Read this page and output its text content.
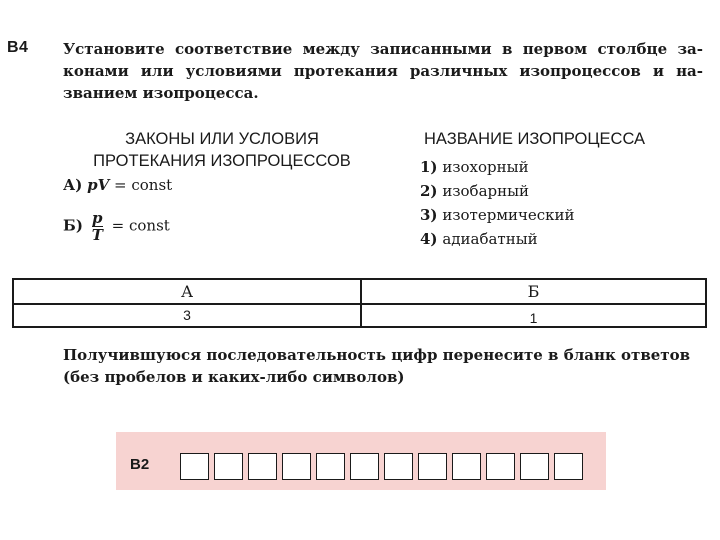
В4 Установите соответствие между записанными в первом столбце за-
конами или условиями протекания различных изопроцессов и на-
званием изопроцесса.
ЗАКОНЫ ИЛИ УСЛОВИЯ
ПРОТЕКАНИЯ ИЗОПРОЦЕССОВ
НАЗВАНИЕ ИЗОПРОЦЕССА
А) pV = const
$Б) \frac{p}{T}$ = const
1) изохорный
2) изобарный
3) изотермический
4) адиабатный
А	Б
3	1
Получившуюся последовательность цифр перенесите в бланк ответов
(без пробелов и каких-либо символов)
В2
